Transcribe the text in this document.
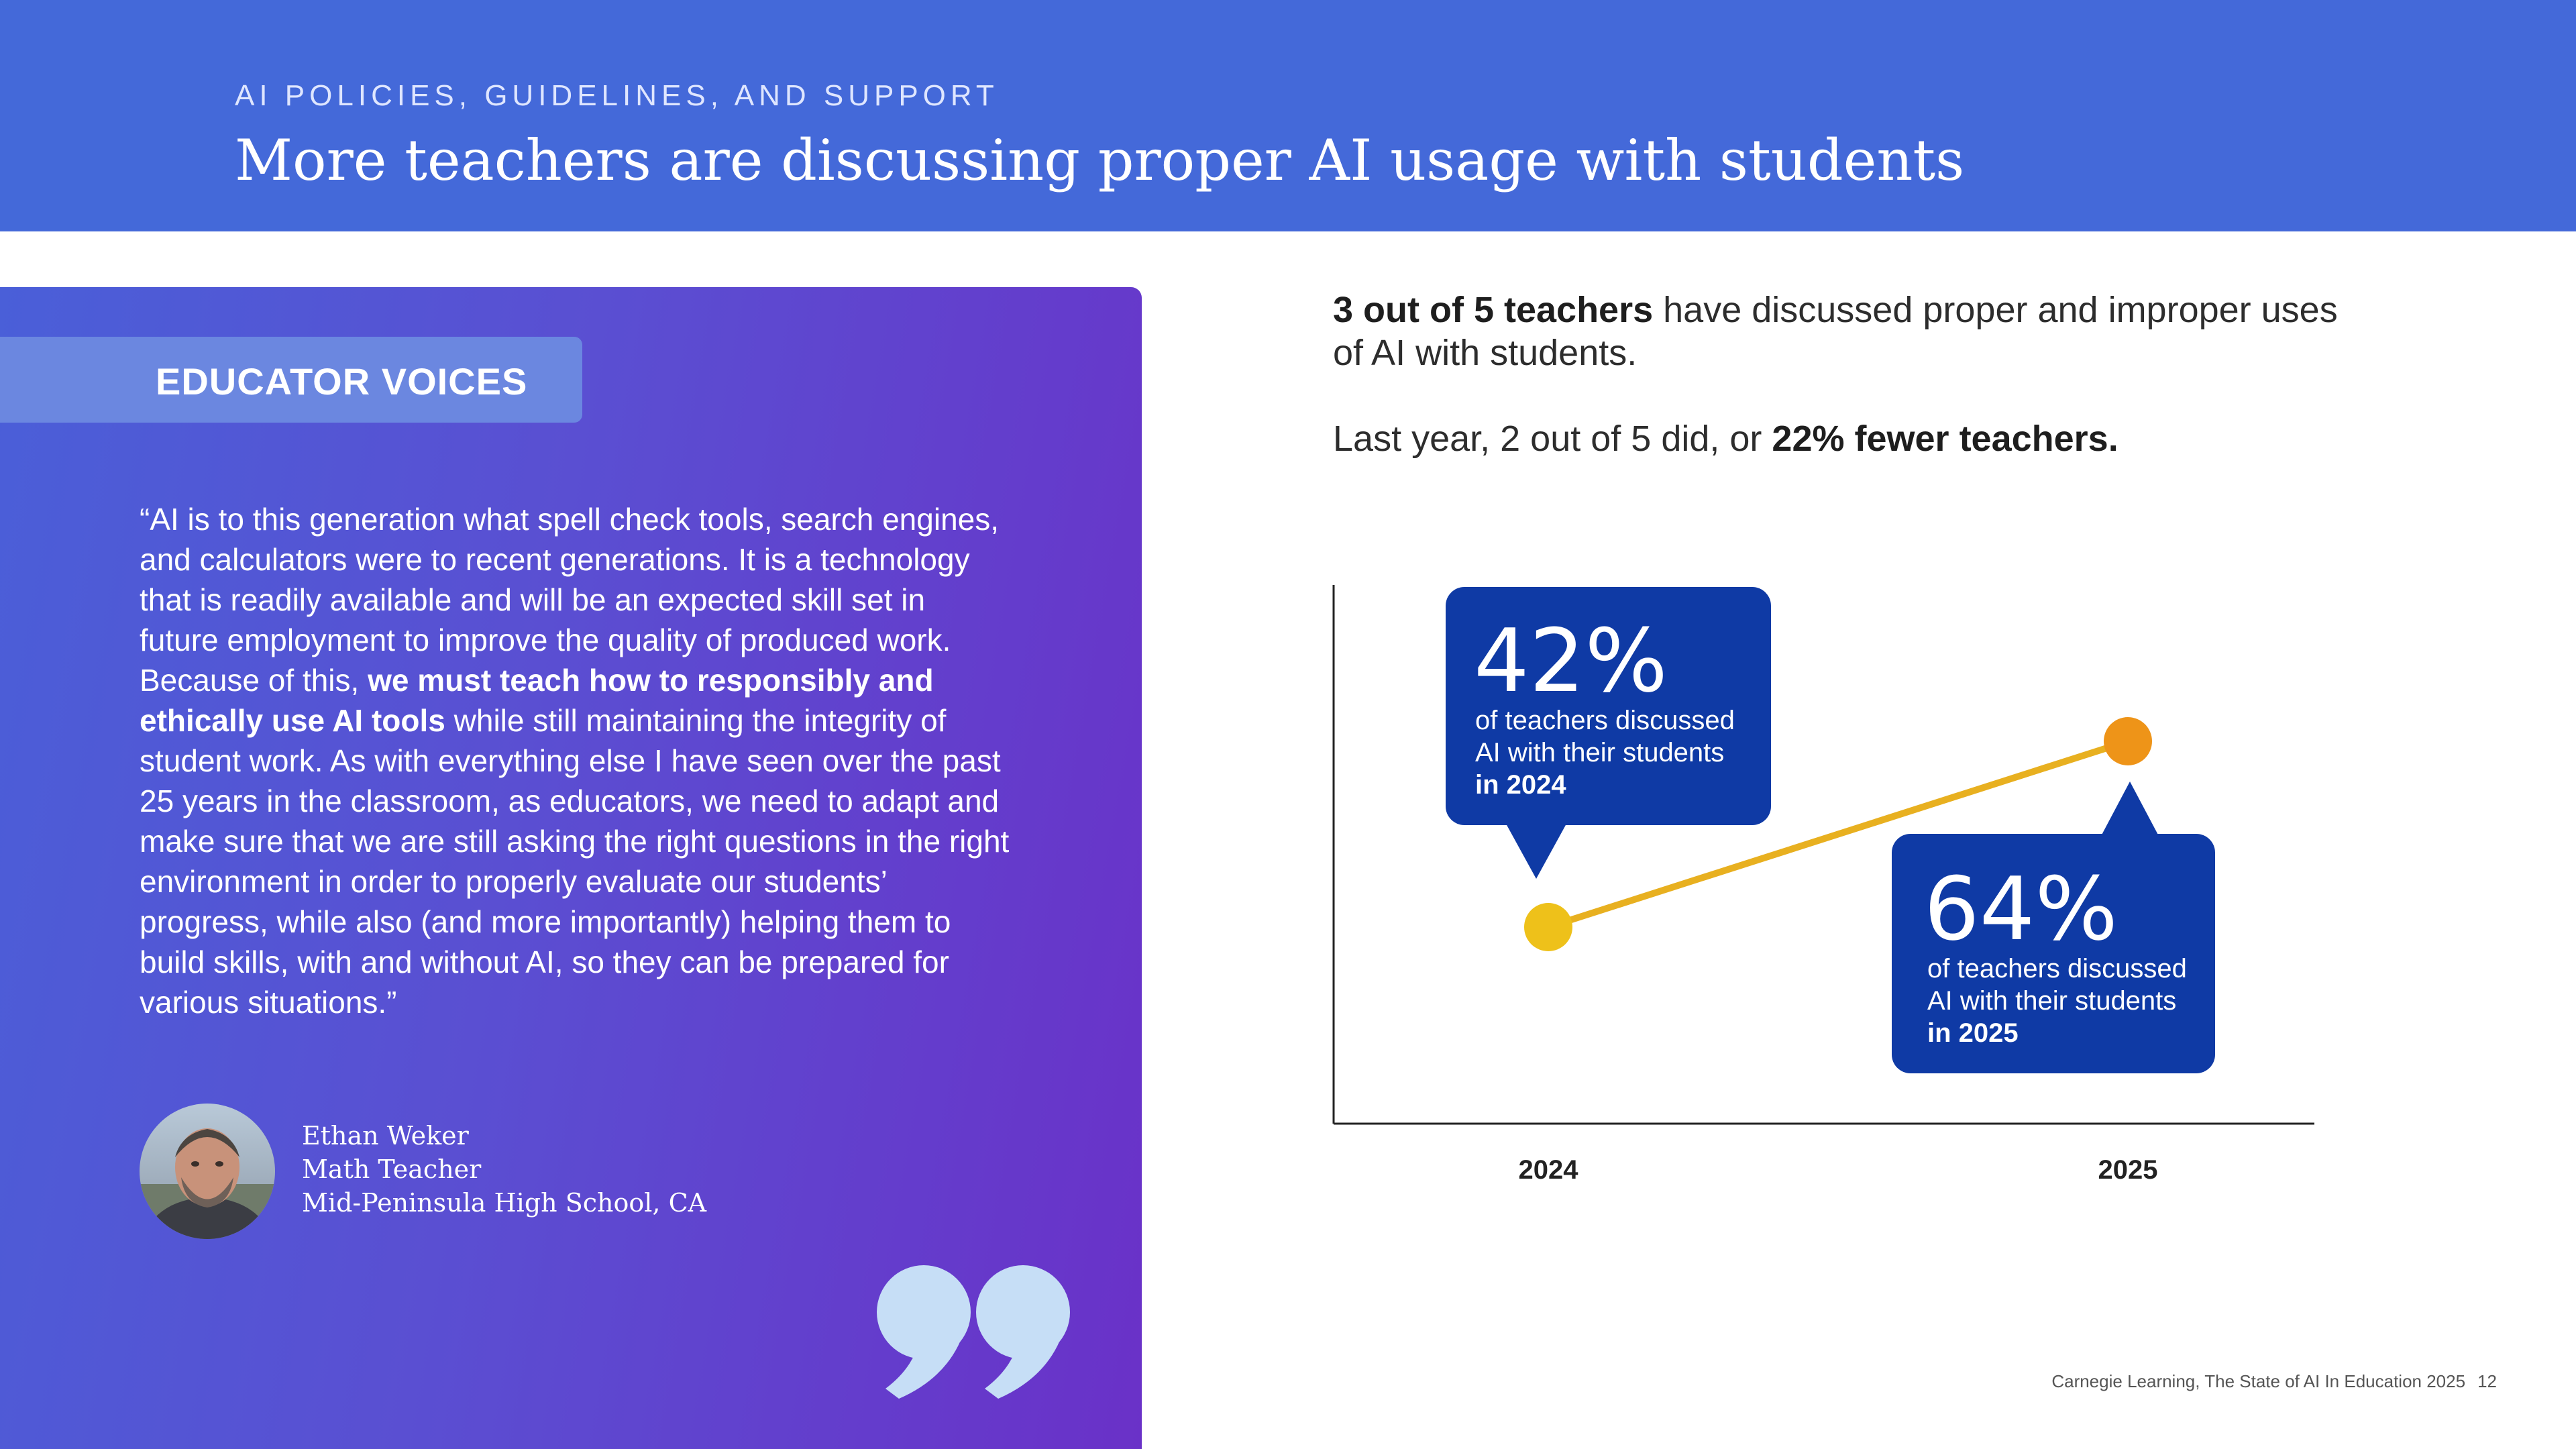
AI POLICIES, GUIDELINES, AND SUPPORT
More teachers are discussing proper AI usage with students
EDUCATOR VOICES
“AI is to this generation what spell check tools, search engines, and calculators were to recent generations. It is a technology that is readily available and will be an expected skill set in future employment to improve the quality of produced work. Because of this, we must teach how to responsibly and ethically use AI tools while still maintaining the integrity of student work. As with everything else I have seen over the past 25 years in the classroom, as educators, we need to adapt and make sure that we are still asking the right questions in the right environment in order to properly evaluate our students’ progress, while also (and more importantly) helping them to build skills, with and without AI, so they can be prepared for various situations.”
Ethan Weker
Math Teacher
Mid-Peninsula High School, CA

3 out of 5 teachers have discussed proper and improper uses of AI with students.

Last year, 2 out of 5 did, or 22% fewer teachers.

42%
of teachers discussed
AI with their students
in 2024
64%
of teachers discussed
AI with their students
in 2025
2024	2025
Carnegie Learning, The State of AI In Education 2025 12
